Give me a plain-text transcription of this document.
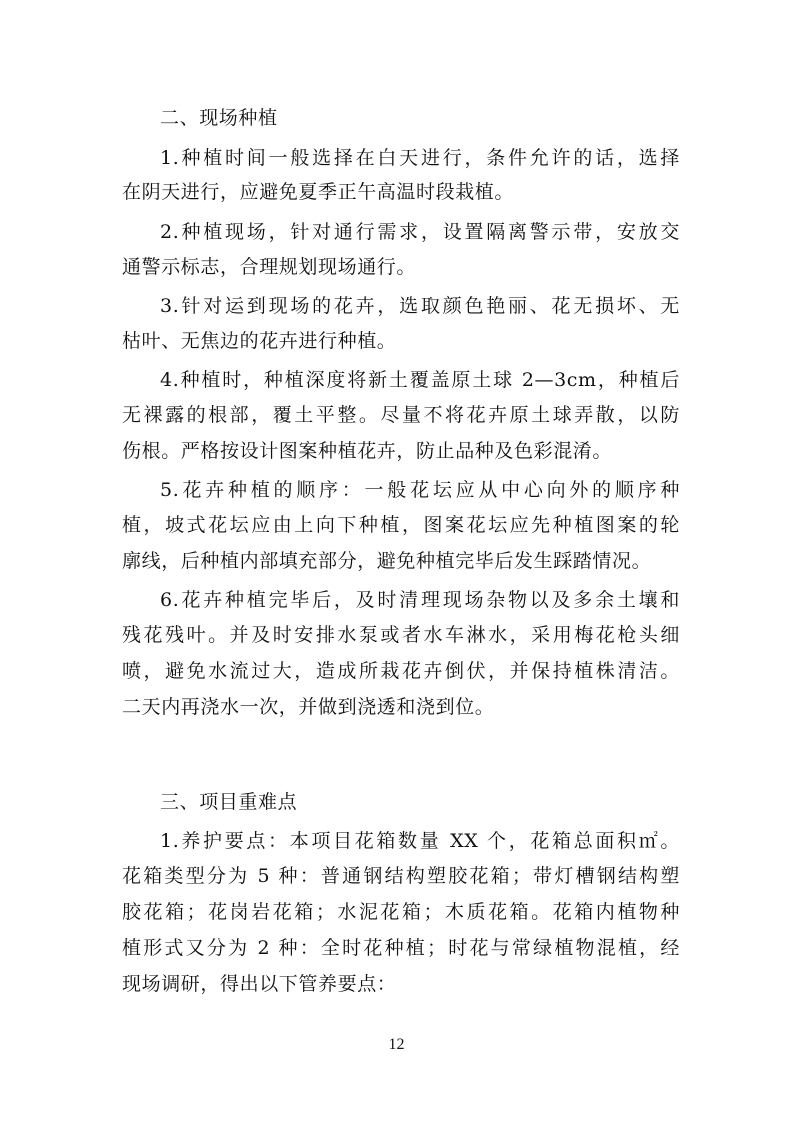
二、现场种植
1.种植时间一般选择在白天进行，条件允许的话，选择
在阴天进行，应避免夏季正午高温时段栽植。
2.种植现场，针对通行需求，设置隔离警示带，安放交
通警示标志，合理规划现场通行。
3.针对运到现场的花卉，选取颜色艳丽、花无损坏、无
枯叶、无焦边的花卉进行种植。
4.种植时，种植深度将新土覆盖原土球 2—3cm，种植后
无裸露的根部，覆土平整。尽量不将花卉原土球弄散，以防
伤根。严格按设计图案种植花卉，防止品种及色彩混淆。
5.花卉种植的顺序：一般花坛应从中心向外的顺序种
植，坡式花坛应由上向下种植，图案花坛应先种植图案的轮
廓线，后种植内部填充部分，避免种植完毕后发生踩踏情况。
6.花卉种植完毕后，及时清理现场杂物以及多余土壤和
残花残叶。并及时安排水泵或者水车淋水，采用梅花枪头细
喷，避免水流过大，造成所栽花卉倒伏，并保持植株清洁。
二天内再浇水一次，并做到浇透和浇到位。
三、项目重难点
1.养护要点：本项目花箱数量 XX 个，花箱总面积㎡。
花箱类型分为 5 种：普通钢结构塑胶花箱；带灯槽钢结构塑
胶花箱；花岗岩花箱；水泥花箱；木质花箱。花箱内植物种
植形式又分为 2 种：全时花种植；时花与常绿植物混植，经
现场调研，得出以下管养要点：
12
